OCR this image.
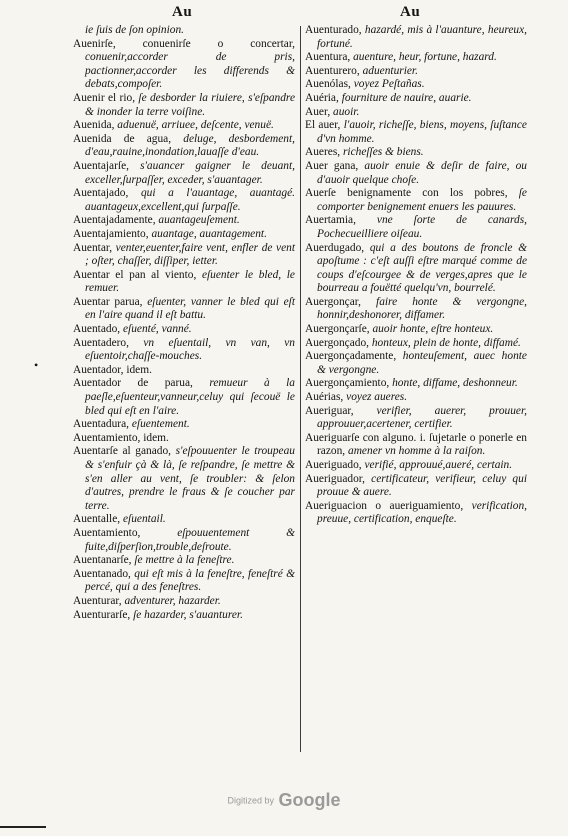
Au	Au
•

ie ſuis de ſon opinion.

Auenirſe, conuenirſe o concertar, conuenir,accorder de pris, pactionner,accorder les differends & debats,compoſer.

Auenir el rio, ſe desborder la riuiere, s'eſpandre & inonder la terre voiſine.

Auenida, aduenuë, arriuee, deſcente, venuë.

Auenida de agua, deluge, desbordement, d'eau,rauine,inondation,lauaſſe d'eau.

Auentajarſe, s'auancer gaigner le deuant, exceller,ſurpaſſer, exceder, s'auantager.

Auentajado, qui a l'auantage, auantagé. auantageux,excellent,qui ſurpaſſe.

Auentajadamente, auantageuſement.

Auentajamiento, auantage, auantagement.

Auentar, venter,euenter,faire vent, enfler de vent ; oſter, chaſſer, diſſiper, ietter.

Auentar el pan al viento, eſuenter le bled, le remuer.

Auentar parua, eſuenter, vanner le bled qui eſt en l'aire quand il eſt battu.

Auentado, eſuenté, vanné.

Auentadero, vn eſuentail, vn van, vn eſuentoir,chaſſe-mouches.

Auentador, idem.

Auentador de parua, remueur à la paeſle,eſuenteur,vanneur,celuy qui ſecouë le bled qui eſt en l'aire.

Auentadura, eſuentement.

Auentamiento, idem.

Auentarſe al ganado, s'eſpouuenter le troupeau & s'enfuir çà & là, ſe reſpandre, ſe mettre & s'en aller au vent, ſe troubler: & ſelon d'autres, prendre le fraus & ſe coucher par terre.

Auentalle, eſuentail.

Auentamiento,	eſpouuentement & fuite,diſperſion,trouble,deſroute.

Auentanarſe, ſe mettre à la feneſtre.

Auentanado, qui eſt mis à la feneſtre, feneſtré & percé, qui a des feneſtres.

Auenturar, adventurer, hazarder.

Auenturarſe, ſe hazarder, s'auanturer.

Auenturado, hazardé, mis à l'auanture, heureux, fortuné.

Auentura, auenture, heur, fortune, hazard.

Auenturero, aduenturier.

Auenólas, voyez Peſtañas.

Auéria, fourniture de nauire, auarie.

Auer, auoir.

El auer, l'auoir, richeſſe, biens, moyens, ſuſtance d'vn homme.

Aueres, richeſſes & biens.

Auer gana, auoir enuie & deſir de faire, ou d'auoir quelque choſe.

Auerſe benignamente con los pobres, ſe comporter benignement enuers les pauures.

Auertamia, vne ſorte de canards, Pochecueilliere oiſeau.

Auerdugado, qui a des boutons de froncle & apoſtume : c'eſt auſſi eſtre marqué comme de coups d'eſcourgee & de verges,apres que le bourreau a fouëtté quelqu'vn, bourrelé.

Auergonçar, faire honte & vergongne, honnir,deshonorer, diffamer.

Auergonçarſe, auoir honte, eſtre honteux.

Auergonçado, honteux, plein de honte, diffamé.

Auergonçadamente, honteuſement, auec honte & vergongne.

Auergonçamiento, honte, diffame, deshonneur.

Auérias, voyez aueres.

Aueriguar, verifier, auerer, prouuer, approuuer,acertener, certifier.

Aueriguarſe con alguno. i. ſujetarle o ponerle en razon, amener vn homme à la raiſon.

Aueriguado, verifié, approuué,aueré, certain.

Aueriguador, certificateur, verifieur, celuy qui prouue & auere.

Aueriguacion o aueriguamiento, verification, preuue, certification, enqueſte.

Digitized by Google
